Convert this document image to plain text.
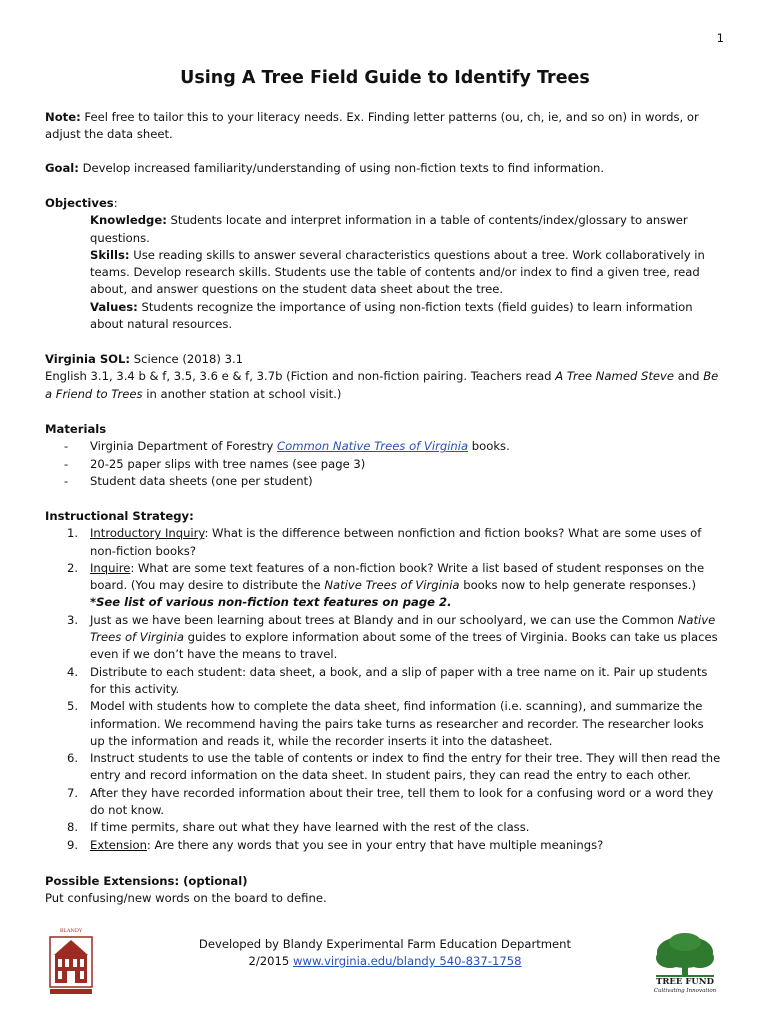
1
Using A Tree Field Guide to Identify Trees

Note: Feel free to tailor this to your literacy needs. Ex. Finding letter patterns (ou, ch, ie, and so on) in words, or adjust the data sheet.

Goal: Develop increased familiarity/understanding of using non-fiction texts to find information.

Objectives:

Knowledge: Students locate and interpret information in a table of contents/index/glossary to answer questions.

Skills: Use reading skills to answer several characteristics questions about a tree. Work collaboratively in teams. Develop research skills. Students use the table of contents and/or index to find a given tree, read about, and answer questions on the student data sheet about the tree.

Values: Students recognize the importance of using non-fiction texts (field guides) to learn information about natural resources.

Virginia SOL: Science (2018) 3.1

English 3.1, 3.4 b & f, 3.5, 3.6 e & f, 3.7b (Fiction and non-fiction pairing. Teachers read A Tree Named Steve and Be a Friend to Trees in another station at school visit.)

Materials

- Virginia Department of Forestry Common Native Trees of Virginia books.
- 20-25 paper slips with tree names (see page 3)
- Student data sheets (one per student)

Instructional Strategy:

1. Introductory Inquiry: What is the difference between nonfiction and fiction books? What are some uses of non-fiction books?
2. Inquire: What are some text features of a non-fiction book? Write a list based of student responses on the board. (You may desire to distribute the Native Trees of Virginia books now to help generate responses.)

*See list of various non-fiction text features on page 2.

3. Just as we have been learning about trees at Blandy and in our schoolyard, we can use the Common Native Trees of Virginia guides to explore information about some of the trees of Virginia. Books can take us places even if we don’t have the means to travel.
4. Distribute to each student: data sheet, a book, and a slip of paper with a tree name on it. Pair up students for this activity.
5. Model with students how to complete the data sheet, find information (i.e. scanning), and summarize the information. We recommend having the pairs take turns as researcher and recorder. The researcher looks up the information and reads it, while the recorder inserts it into the datasheet.
6. Instruct students to use the table of contents or index to find the entry for their tree. They will then read the entry and record information on the data sheet. In student pairs, they can read the entry to each other.
7. After they have recorded information about their tree, tell them to look for a confusing word or a word they do not know.
8. If time permits, share out what they have learned with the rest of the class.
9. Extension: Are there any words that you see in your entry that have multiple meanings?

Possible Extensions: (optional)

Put confusing/new words on the board to define.

BLANDY

Developed by Blandy Experimental Farm Education Department

2/2015 www.virginia.edu/blandy 540-837-1758

TREE FUND
Cultivating Innovation
